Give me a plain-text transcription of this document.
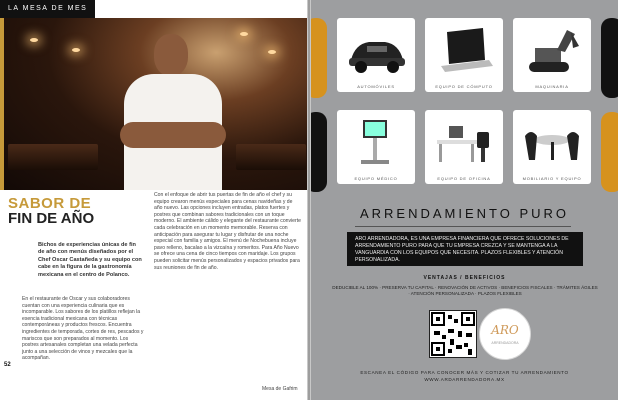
LA MESA DE MES
SABOR DE
FIN DE AÑO
Bichos de experiencias únicas de fin de año con menús diseñados por el Chef Oscar Castañeda y su equipo con cabe en la figura de la gastronomía mexicana en el centro de Polanco.
En el restaurante de Oscar y sus colaboradores cuentan con una experiencia culinaria que es incomparable. Los sabores de los platillos reflejan la esencia tradicional mexicana con técnicas contemporáneas y productos frescos. Encuentra ingredientes de temporada, cortes de res, pescados y mariscos que son preparados al momento. Los postres artesanales completan una velada perfecta junto a una selección de vinos y mezcales que la acompañan.
Con el enfoque de abrir tus puertas de fin de año el chef y su equipo crearon menús especiales para cenas navideñas y de año nuevo. Las opciones incluyen entradas, platos fuertes y postres que combinan sabores tradicionales con un toque moderno. El ambiente cálido y elegante del restaurante convierte cada celebración en un momento memorable. Reserva con anticipación para asegurar tu lugar y disfrutar de una noche especial con familia y amigos. El menú de Nochebuena incluye pavo relleno, bacalao a la vizcaína y romeritos. Para Año Nuevo se ofrece una cena de cinco tiempos con maridaje. Los grupos pueden solicitar menús personalizados y espacios privados para sus reuniones de fin de año.
52
Mesa de Gafrim
AUTOMÓVILES	EQUIPO DE CÓMPUTO	MAQUINARIA
EQUIPO MÉDICO	EQUIPO DE OFICINA	MOBILIARIO Y EQUIPO
ARRENDAMIENTO PURO
ARO ARRENDADORA, ES UNA EMPRESA FINANCIERA QUE OFRECE SOLUCIONES DE ARRENDAMIENTO PURO PARA QUE TU EMPRESA CREZCA Y SE MANTENGA A LA VANGUARDIA CON LOS EQUIPOS QUE NECESITA. PLAZOS FLEXIBLES Y ATENCIÓN PERSONALIZADA.
VENTAJAS / BENEFICIOS
DEDUCIBLE AL 100% · PRESERVA TU CAPITAL · RENOVACIÓN DE ACTIVOS · BENEFICIOS FISCALES · TRÁMITES ÁGILES · ATENCIÓN PERSONALIZADA · PLAZOS FLEXIBLES
ARO
ARRENDADORA
ESCANEA EL CÓDIGO PARA CONOCER MÁS Y COTIZAR TU ARRENDAMIENTO
WWW.ARDARRENDADORA.MX
